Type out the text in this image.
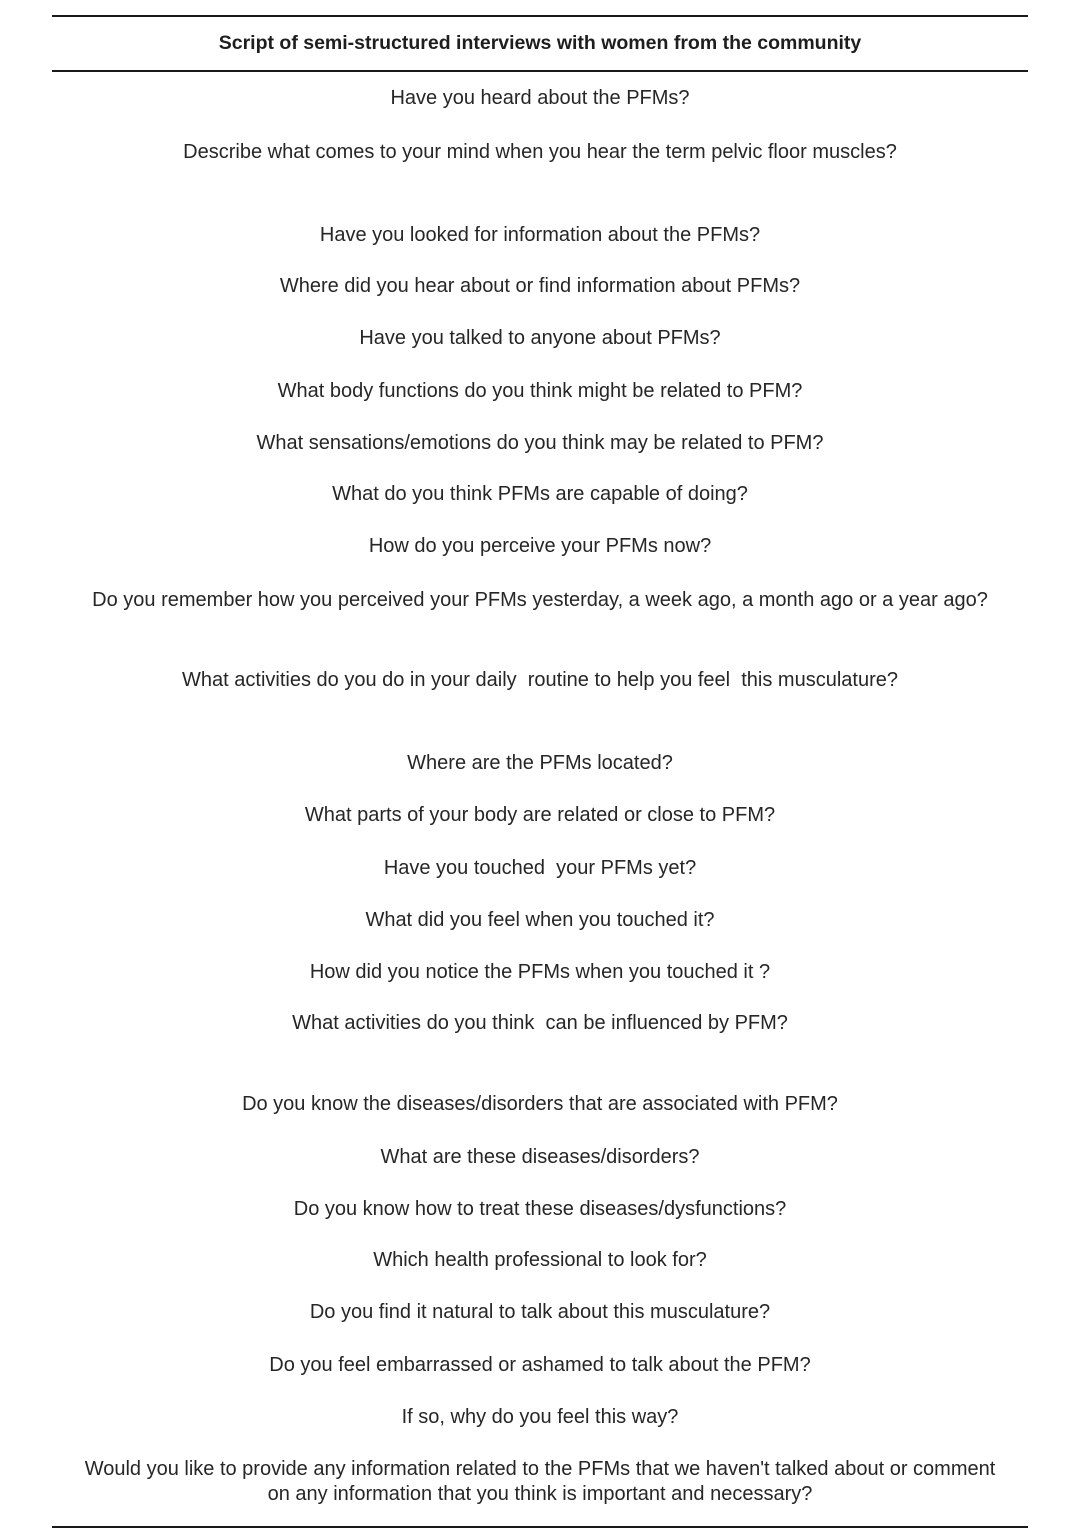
Script of semi-structured interviews with women from the community
Have you heard about the PFMs?
Describe what comes to your mind when you hear the term pelvic floor muscles?
Have you looked for information about the PFMs?
Where did you hear about or find information about PFMs?
Have you talked to anyone about PFMs?
What body functions do you think might be related to PFM?
What sensations/emotions do you think may be related to PFM?
What do you think PFMs are capable of doing?
How do you perceive your PFMs now?
Do you remember how you perceived your PFMs yesterday, a week ago, a month ago or a year ago?
What activities do you do in your daily  routine to help you feel  this musculature?
Where are the PFMs located?
What parts of your body are related or close to PFM?
Have you touched  your PFMs yet?
What did you feel when you touched it?
How did you notice the PFMs when you touched it ?
What activities do you think  can be influenced by PFM?
Do you know the diseases/disorders that are associated with PFM?
What are these diseases/disorders?
Do you know how to treat these diseases/dysfunctions?
Which health professional to look for?
Do you find it natural to talk about this musculature?
Do you feel embarrassed or ashamed to talk about the PFM?
If so, why do you feel this way?
Would you like to provide any information related to the PFMs that we haven't talked about or comment on any information that you think is important and necessary?
